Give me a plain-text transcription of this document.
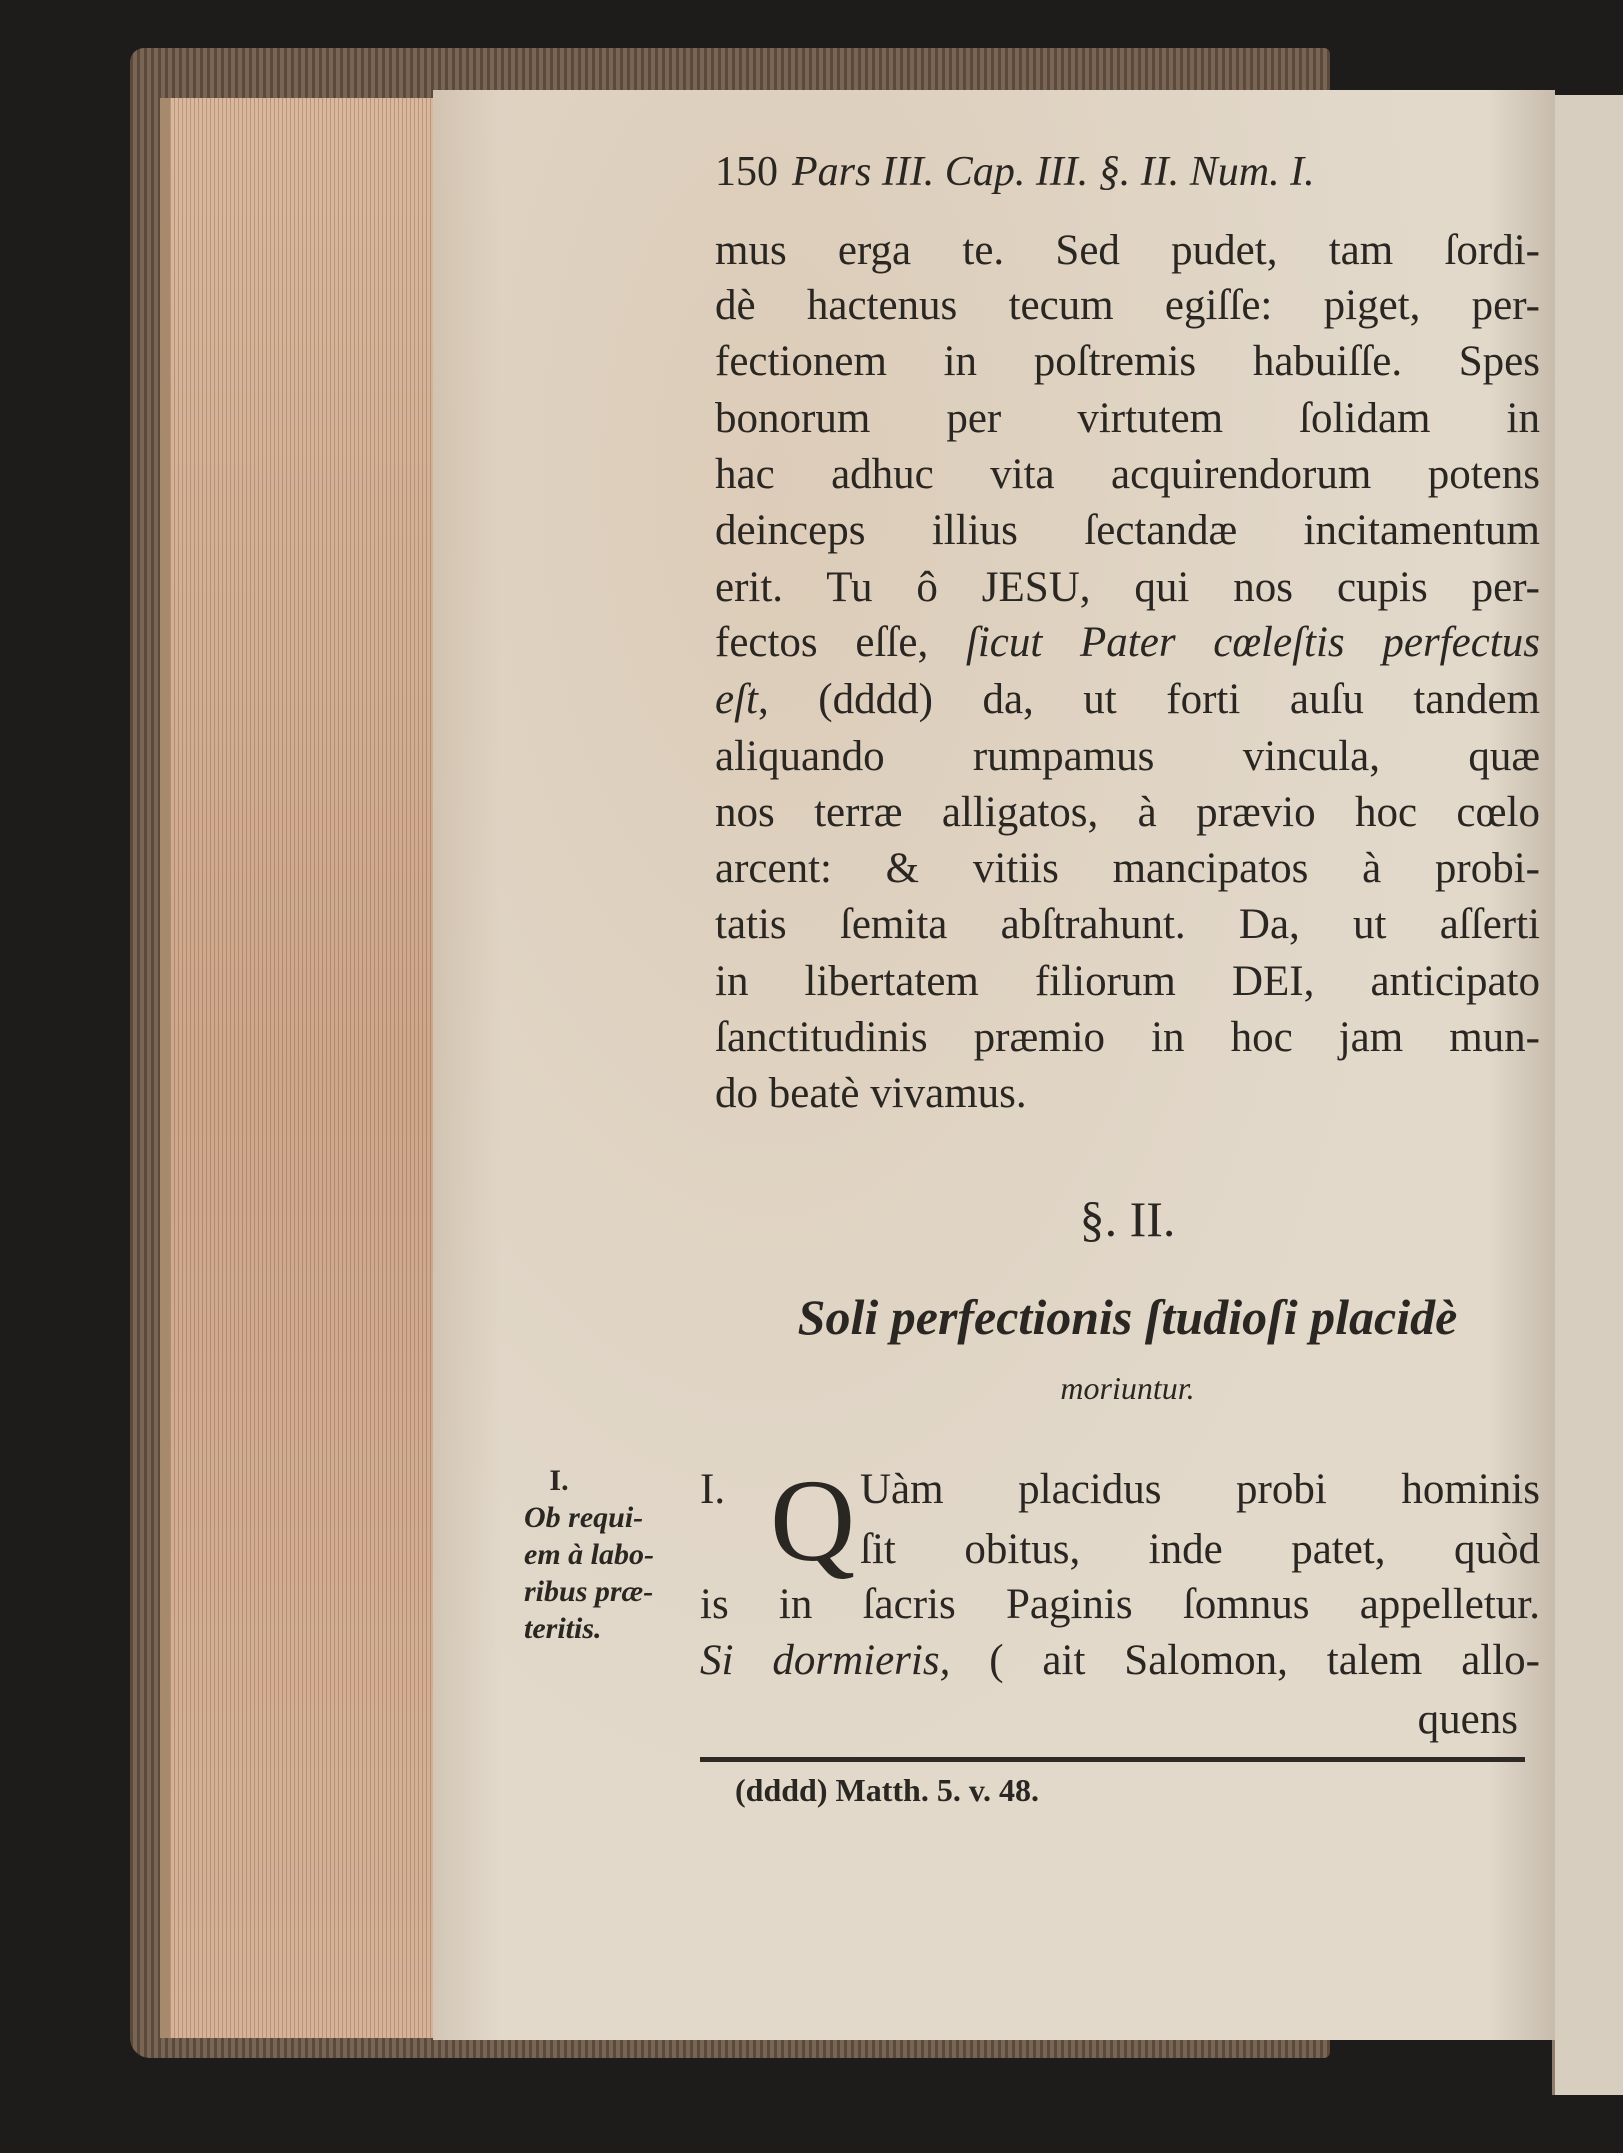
150 Pars III. Cap. III. §. II. Num. I.
mus erga te. Sed pudet, tam ſordi-
dè hactenus tecum egiſſe: piget, per-
fectionem in poſtremis habuiſſe. Spes
bonorum per virtutem ſolidam in
hac adhuc vita acquirendorum potens
deinceps illius ſectandæ incitamentum
erit. Tu ô JESU, qui nos cupis per-
fectos eſſe, ſicut Pater cœleſtis perfectus
eſt, (dddd) da, ut forti auſu tandem
aliquando rumpamus vincula, quæ
nos terræ alligatos, à prævio hoc cœlo
arcent: & vitiis mancipatos à probi-
tatis ſemita abſtrahunt. Da, ut aſſerti
in libertatem filiorum DEI, anticipato
ſanctitudinis præmio in hoc jam mun-
do beatè vivamus.
§. II.
Soli perfectionis ſtudioſi placidè
moriuntur.
I.
Ob requi-
em à labo-
ribus præ-
teritis.
I. Q Uàm placidus probi hominis
ſit obitus, inde patet, quòd
is in ſacris Paginis ſomnus appelletur.
Si dormieris, ( ait Salomon, talem allo-
quens
(dddd) Matth. 5. v. 48.
